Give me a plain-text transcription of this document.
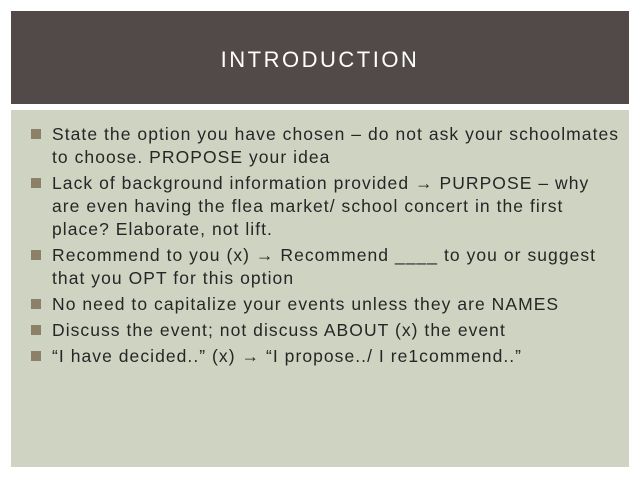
INTRODUCTION
State the option you have chosen – do not ask your schoolmates to choose. PROPOSE your idea
Lack of background information provided → PURPOSE – why are even having the flea market/ school concert in the first place? Elaborate, not lift.
Recommend to you (x) → Recommend ____ to you or suggest that you OPT for this option
No need to capitalize your events unless they are NAMES
Discuss the event; not discuss ABOUT (x) the event
“I have decided..” (x) → “I propose../ I re1commend..”
